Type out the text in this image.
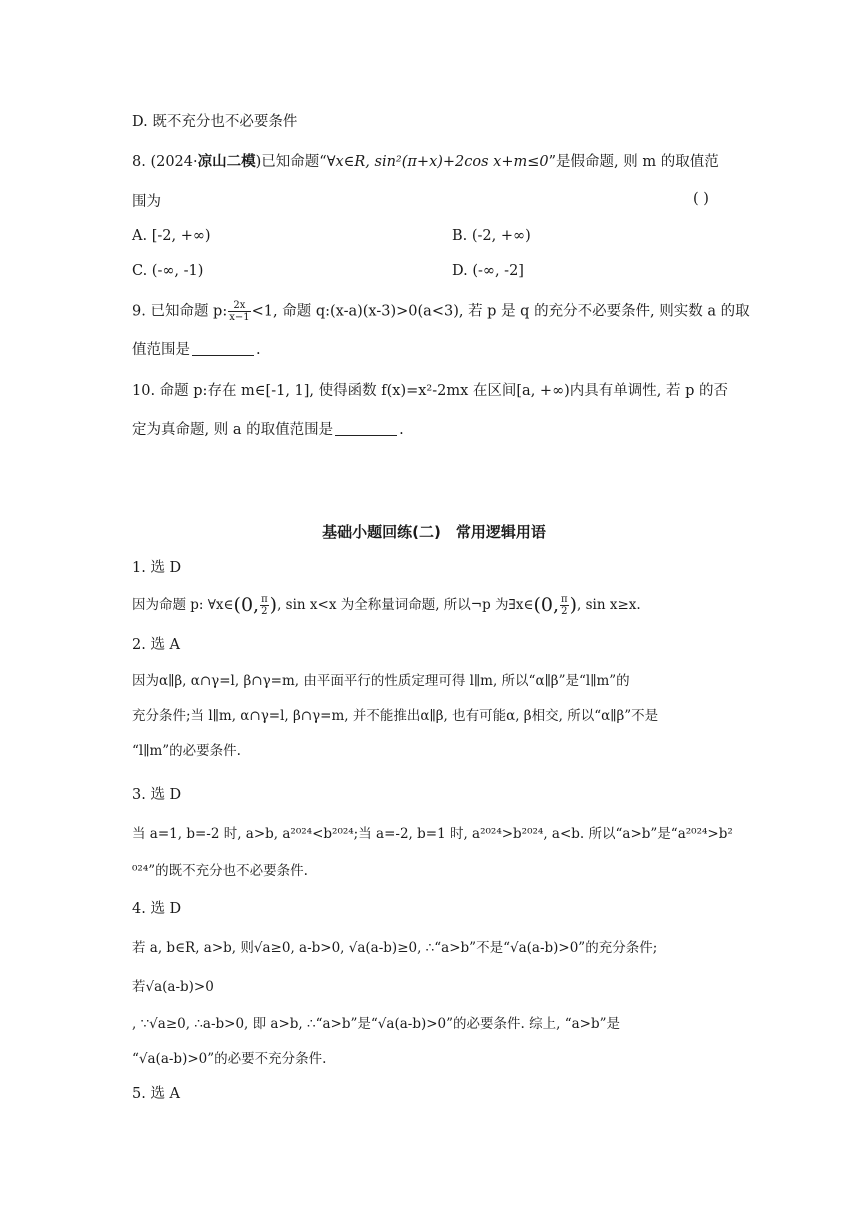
D. 既不充分也不必要条件
8. (2024·凉山二模)已知命题“∀x∈R, sin²(π+x)+2cos x+m≤0”是假命题, 则 m 的取值范
围为	( )
A. [-2, +∞)	B. (-2, +∞)
C. (-∞, -1)	D. (-∞, -2]
9. 已知命题 p: $\frac{2x}{x-1} <1$, 命题 q:(x-a)(x-3)>0(a<3), 若 p 是 q 的充分不必要条件, 则实数 a 的取
值范围是	.
10. 命题 p:存在 m∈[-1, 1], 使得函数 f(x)=x²-2mx 在区间[a, +∞)内具有单调性, 若 p 的否
定为真命题, 则 a 的取值范围是	.
基础小题回练(二)　常用逻辑用语
1. 选 D
因为命题 p: ∀x∈(0, $\frac{\pi}{2}$ ), sin x<x 为全称量词命题, 所以¬p 为∃x∈(0, $\frac{\pi}{2}$ ), sin x≥x.
2. 选 A
因为α∥β, α∩γ=l, β∩γ=m, 由平面平行的性质定理可得 l∥m, 所以“α∥β”是“l∥m”的
充分条件;当 l∥m, α∩γ=l, β∩γ=m, 并不能推出α∥β, 也有可能α, β相交, 所以“α∥β”不是
“l∥m”的必要条件.
3. 选 D
当 a=1, b=-2 时, a>b, a²⁰²⁴<b²⁰²⁴;当 a=-2, b=1 时, a²⁰²⁴>b²⁰²⁴, a<b. 所以“a>b”是“a²⁰²⁴>b²
⁰²⁴”的既不充分也不必要条件.
4. 选 D
若 a, b∈R, a>b, 则√a≥0, a-b>0, √a(a-b)≥0, ∴“a>b”不是“√a(a-b)>0”的充分条件;
若√a(a-b)>0
, ∵√a≥0, ∴a-b>0, 即 a>b, ∴“a>b”是“√a(a-b)>0”的必要条件. 综上, “a>b”是
“√a(a-b)>0”的必要不充分条件.
5. 选 A
